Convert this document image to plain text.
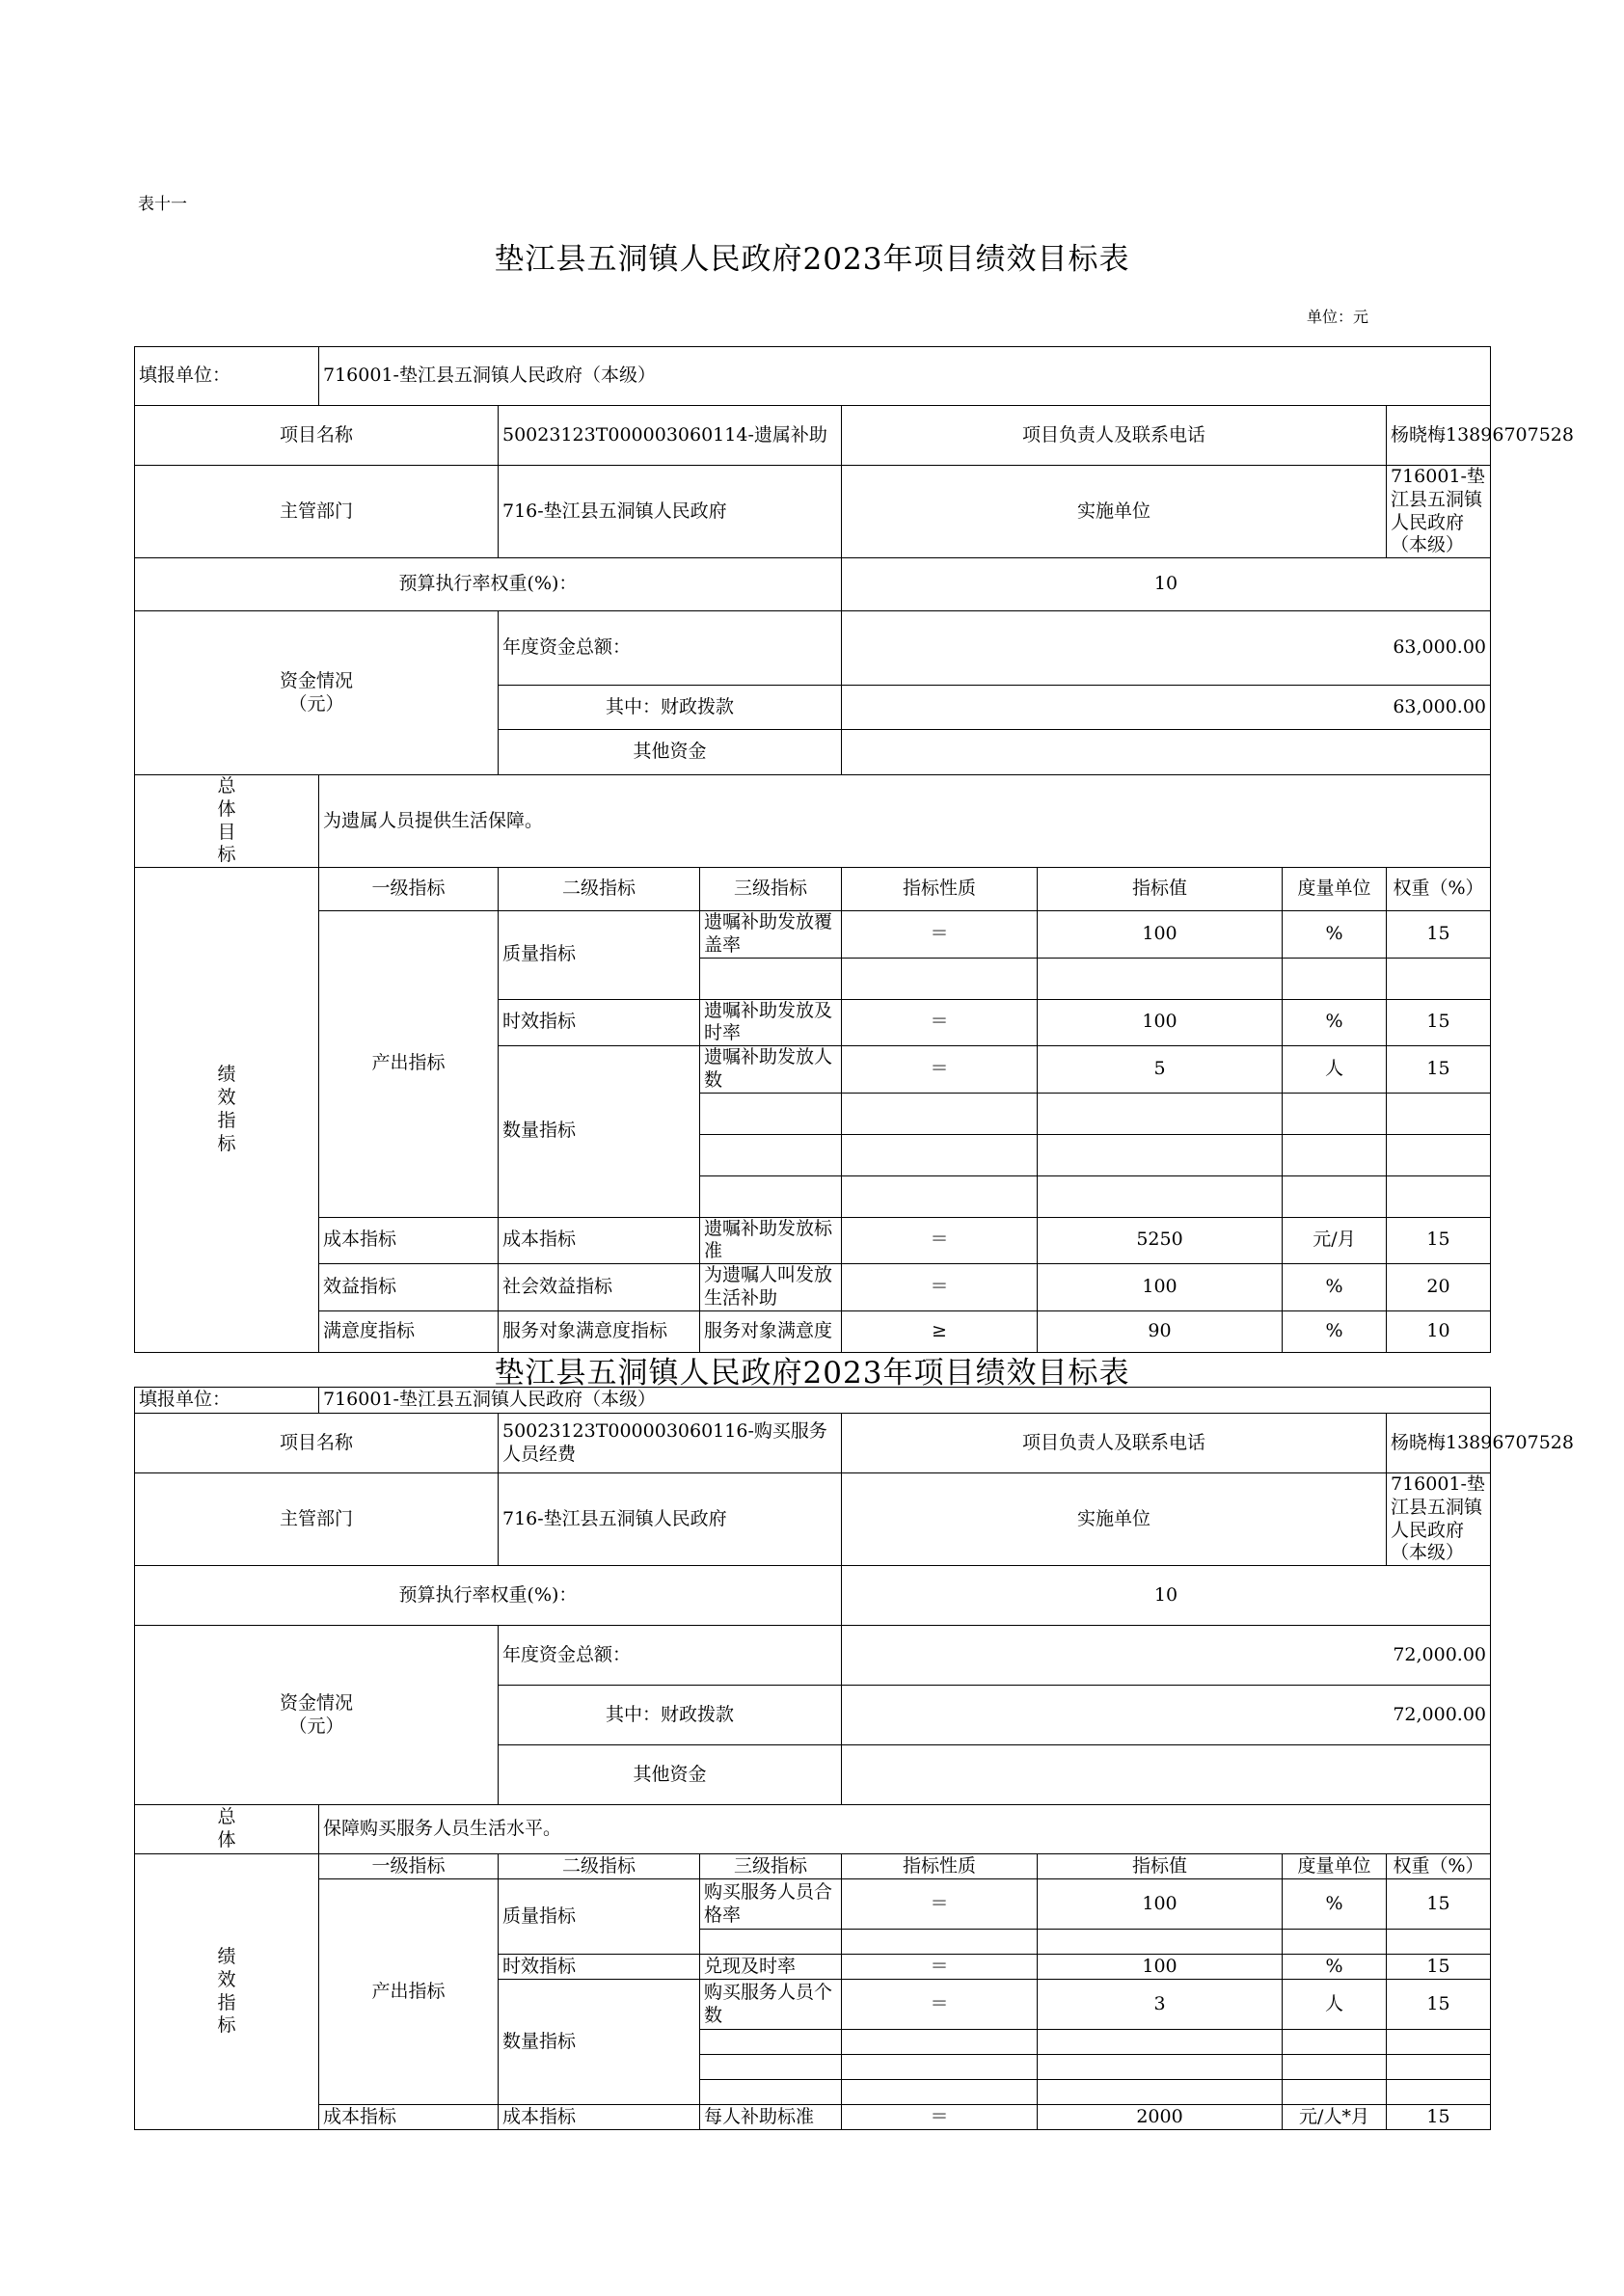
表十一
垫江县五洞镇人民政府2023年项目绩效目标表
单位：元
填报单位：	716001-垫江县五洞镇人民政府（本级）						
项目名称		50023123T000003060114-遗属补助		项目负责人及联系电话			杨晓梅13896707528
主管部门		716-垫江县五洞镇人民政府		实施单位			716001-垫江县五洞镇人民政府（本级）
预算执行率权重(%)：				10			

资金情况（元）		年度资金总额：		63,000.00			
		其中：财政拨款		63,000.00			
		其他资金					

总
体
目
标	为遗属人员提供生活保障。						

绩
效
指
标	一级指标	二级指标	三级指标	指标性质	指标值	度量单位	权重（%）
	产出指标	质量指标	遗嘱补助发放覆盖率	＝	100	%	15

		时效指标	遗嘱补助发放及时率	＝	100	%	15
		数量指标	遗嘱补助发放人数	＝	5	人	15

	成本指标	成本指标	遗嘱补助发放标准	＝	5250	元/月	15
	效益指标	社会效益指标	为遗嘱人叫发放生活补助	＝	100	%	20
	满意度指标	服务对象满意度指标	服务对象满意度	≥	90	%	10
垫江县五洞镇人民政府2023年项目绩效目标表
填报单位：	716001-垫江县五洞镇人民政府（本级）						
项目名称		50023123T000003060116-购买服务人员经费		项目负责人及联系电话			杨晓梅13896707528
主管部门		716-垫江县五洞镇人民政府		实施单位			716001-垫江县五洞镇人民政府（本级）
预算执行率权重(%)：				10			

资金情况（元）		年度资金总额：		72,000.00			
		其中：财政拨款		72,000.00			
		其他资金					

总
体	保障购买服务人员生活水平。						

绩
效
指
标	一级指标	二级指标	三级指标	指标性质	指标值	度量单位	权重（%）
	产出指标	质量指标	购买服务人员合格率	＝	100	%	15

		时效指标	兑现及时率	＝	100	%	15
		数量指标	购买服务人员个数	＝	3	人	15

	成本指标	成本指标	每人补助标准	＝	2000	元/人*月	15
